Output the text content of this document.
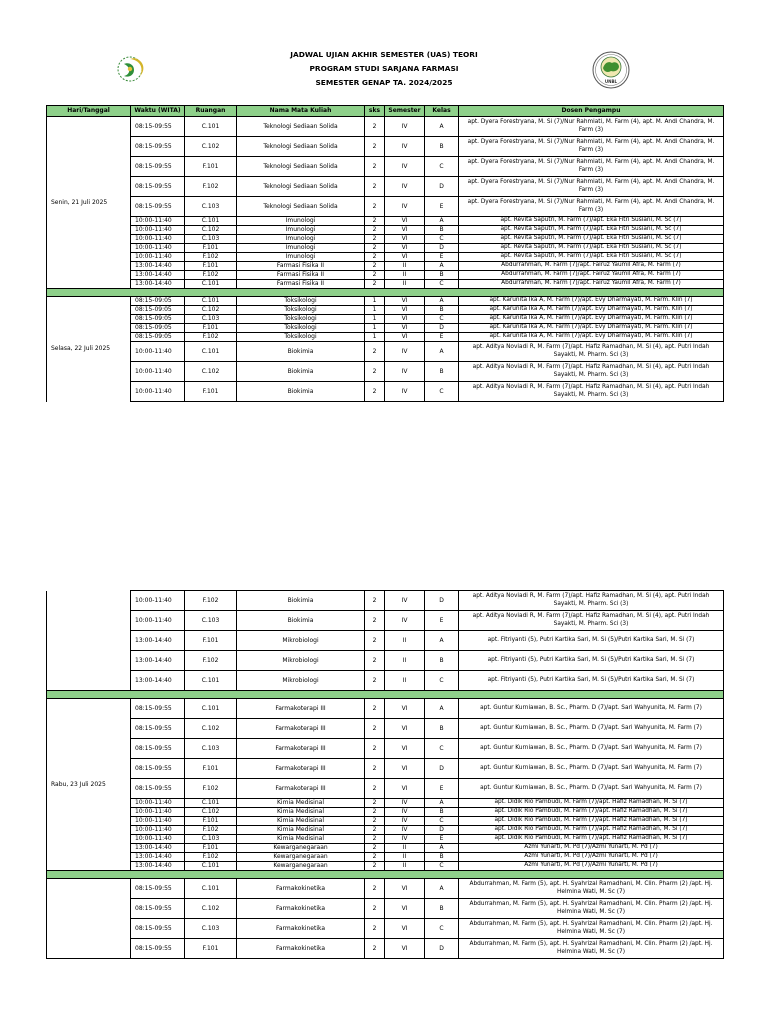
JADWAL UJIAN AKHIR SEMESTER (UAS) TEORI
PROGRAM STUDI SARJANA FARMASI
SEMESTER GENAP TA. 2024/2025	UNBL
Hari/Tanggal	Waktu (WITA)	Ruangan	Nama Mata Kuliah	sks	Semester	Kelas	Dosen Pengampu
Senin, 21 Juli 2025	08:15-09:55	C.101	Teknologi Sediaan Solida	2	IV	A	apt. Dyera Forestryana, M. Si (7)/Nur Rahmiati, M. Farm (4), apt. M. Andi Chandra, M. Farm (3)
	08:15-09:55	C.102	Teknologi Sediaan Solida	2	IV	B	apt. Dyera Forestryana, M. Si (7)/Nur Rahmiati, M. Farm (4), apt. M. Andi Chandra, M. Farm (3)
	08:15-09:55	F.101	Teknologi Sediaan Solida	2	IV	C	apt. Dyera Forestryana, M. Si (7)/Nur Rahmiati, M. Farm (4), apt. M. Andi Chandra, M. Farm (3)
	08:15-09:55	F.102	Teknologi Sediaan Solida	2	IV	D	apt. Dyera Forestryana, M. Si (7)/Nur Rahmiati, M. Farm (4), apt. M. Andi Chandra, M. Farm (3)
	08:15-09:55	C.103	Teknologi Sediaan Solida	2	IV	E	apt. Dyera Forestryana, M. Si (7)/Nur Rahmiati, M. Farm (4), apt. M. Andi Chandra, M. Farm (3)
	10:00-11:40	C.101	Imunologi	2	VI	A	apt. Revita Saputri, M. Farm (7)/apt. Eka Fitri Susiani, M. Sc (7)
	10:00-11:40	C.102	Imunologi	2	VI	B	apt. Revita Saputri, M. Farm (7)/apt. Eka Fitri Susiani, M. Sc (7)
	10:00-11:40	C.103	Imunologi	2	VI	C	apt. Revita Saputri, M. Farm (7)/apt. Eka Fitri Susiani, M. Sc (7)
	10:00-11:40	F.101	Imunologi	2	VI	D	apt. Revita Saputri, M. Farm (7)/apt. Eka Fitri Susiani, M. Sc (7)
	10:00-11:40	F.102	Imunologi	2	VI	E	apt. Revita Saputri, M. Farm (7)/apt. Eka Fitri Susiani, M. Sc (7)
	13:00-14:40	F.101	Farmasi Fisika II	2	II	A	Abdurrahman, M. Farm (7)/apt. Fairuz Yaumil Afra, M. Farm (7)
	13:00-14:40	F.102	Farmasi Fisika II	2	II	B	Abdurrahman, M. Farm (7)/apt. Fairuz Yaumil Afra, M. Farm (7)
	13:00-14:40	C.101	Farmasi Fisika II	2	II	C	Abdurrahman, M. Farm (7)/apt. Fairuz Yaumil Afra, M. Farm (7)

Selasa, 22 Juli 2025	08:15-09:05	C.101	Toksikologi	1	VI	A	apt. Karunita Ika A, M. Farm (7)/apt. Evy Dharmayati, M. Farm. Klin (7)
	08:15-09:05	C.102	Toksikologi	1	VI	B	apt. Karunita Ika A, M. Farm (7)/apt. Evy Dharmayati, M. Farm. Klin (7)
	08:15-09:05	C.103	Toksikologi	1	VI	C	apt. Karunita Ika A, M. Farm (7)/apt. Evy Dharmayati, M. Farm. Klin (7)
	08:15-09:05	F.101	Toksikologi	1	VI	D	apt. Karunita Ika A, M. Farm (7)/apt. Evy Dharmayati, M. Farm. Klin (7)
	08:15-09:05	F.102	Toksikologi	1	VI	E	apt. Karunita Ika A, M. Farm (7)/apt. Evy Dharmayati, M. Farm. Klin (7)
	10:00-11:40	C.101	Biokimia	2	IV	A	apt. Aditya Noviadi R, M. Farm (7)/apt. Hafiz Ramadhan, M. Si (4), apt. Putri Indah Sayakti, M. Pharm. Sci (3)
	10:00-11:40	C.102	Biokimia	2	IV	B	apt. Aditya Noviadi R, M. Farm (7)/apt. Hafiz Ramadhan, M. Si (4), apt. Putri Indah Sayakti, M. Pharm. Sci (3)
	10:00-11:40	F.101	Biokimia	2	IV	C	apt. Aditya Noviadi R, M. Farm (7)/apt. Hafiz Ramadhan, M. Si (4), apt. Putri Indah Sayakti, M. Pharm. Sci (3)
	10:00-11:40	F.102	Biokimia	2	IV	D	apt. Aditya Noviadi R, M. Farm (7)/apt. Hafiz Ramadhan, M. Si (4), apt. Putri Indah Sayakti, M. Pharm. Sci (3)
	10:00-11:40	C.103	Biokimia	2	IV	E	apt. Aditya Noviadi R, M. Farm (7)/apt. Hafiz Ramadhan, M. Si (4), apt. Putri Indah Sayakti, M. Pharm. Sci (3)
	13:00-14:40	F.101	Mikrobiologi	2	II	A	apt. Fitriyanti (5), Putri Kartika Sari, M. Si (5)/Putri Kartika Sari, M. Si (7)
	13:00-14:40	F.102	Mikrobiologi	2	II	B	apt. Fitriyanti (5), Putri Kartika Sari, M. Si (5)/Putri Kartika Sari, M. Si (7)
	13:00-14:40	C.101	Mikrobiologi	2	II	C	apt. Fitriyanti (5), Putri Kartika Sari, M. Si (5)/Putri Kartika Sari, M. Si (7)

Rabu, 23 Juli 2025	08:15-09:55	C.101	Farmakoterapi III	2	VI	A	apt. Guntur Kurniawan, B. Sc., Pharm. D (7)/apt. Sari Wahyunita, M. Farm (7)
	08:15-09:55	C.102	Farmakoterapi III	2	VI	B	apt. Guntur Kurniawan, B. Sc., Pharm. D (7)/apt. Sari Wahyunita, M. Farm (7)
	08:15-09:55	C.103	Farmakoterapi III	2	VI	C	apt. Guntur Kurniawan, B. Sc., Pharm. D (7)/apt. Sari Wahyunita, M. Farm (7)
	08:15-09:55	F.101	Farmakoterapi III	2	VI	D	apt. Guntur Kurniawan, B. Sc., Pharm. D (7)/apt. Sari Wahyunita, M. Farm (7)
	08:15-09:55	F.102	Farmakoterapi III	2	VI	E	apt. Guntur Kurniawan, B. Sc., Pharm. D (7)/apt. Sari Wahyunita, M. Farm (7)
	10:00-11:40	C.101	Kimia Medisinal	2	IV	A	apt. Didik Rio Pambudi, M. Farm (7)/apt. Hafiz Ramadhan, M. Si (7)
	10:00-11:40	C.102	Kimia Medisinal	2	IV	B	apt. Didik Rio Pambudi, M. Farm (7)/apt. Hafiz Ramadhan, M. Si (7)
	10:00-11:40	F.101	Kimia Medisinal	2	IV	C	apt. Didik Rio Pambudi, M. Farm (7)/apt. Hafiz Ramadhan, M. Si (7)
	10:00-11:40	F.102	Kimia Medisinal	2	IV	D	apt. Didik Rio Pambudi, M. Farm (7)/apt. Hafiz Ramadhan, M. Si (7)
	10:00-11:40	C.103	Kimia Medisinal	2	IV	E	apt. Didik Rio Pambudi, M. Farm (7)/apt. Hafiz Ramadhan, M. Si (7)
	13:00-14:40	F.101	Kewarganegaraan	2	II	A	Azmi Yunarti, M. Pd (7)/Azmi Yunarti, M. Pd (7)
	13:00-14:40	F.102	Kewarganegaraan	2	II	B	Azmi Yunarti, M. Pd (7)/Azmi Yunarti, M. Pd (7)
	13:00-14:40	C.101	Kewarganegaraan	2	II	C	Azmi Yunarti, M. Pd (7)/Azmi Yunarti, M. Pd (7)

	08:15-09:55	C.101	Farmakokinetika	2	VI	A	Abdurrahman, M. Farm (5), apt. H. Syahrizal Ramadhani, M. Clin. Pharm (2) /apt. Hj. Helmina Wati, M. Sc (7)
	08:15-09:55	C.102	Farmakokinetika	2	VI	B	Abdurrahman, M. Farm (5), apt. H. Syahrizal Ramadhani, M. Clin. Pharm (2) /apt. Hj. Helmina Wati, M. Sc (7)
	08:15-09:55	C.103	Farmakokinetika	2	VI	C	Abdurrahman, M. Farm (5), apt. H. Syahrizal Ramadhani, M. Clin. Pharm (2) /apt. Hj. Helmina Wati, M. Sc (7)
	08:15-09:55	F.101	Farmakokinetika	2	VI	D	Abdurrahman, M. Farm (5), apt. H. Syahrizal Ramadhani, M. Clin. Pharm (2) /apt. Hj. Helmina Wati, M. Sc (7)
